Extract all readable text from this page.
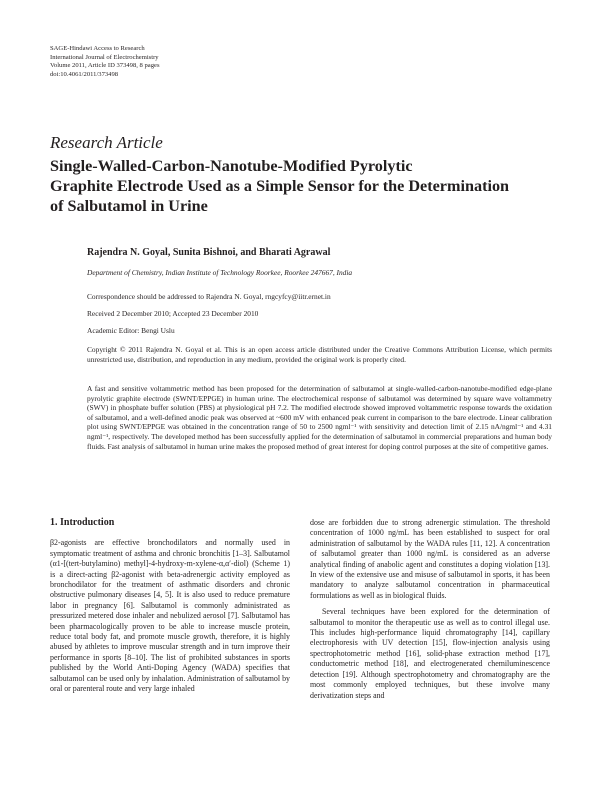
SAGE-Hindawi Access to Research
International Journal of Electrochemistry
Volume 2011, Article ID 373498, 8 pages
doi:10.4061/2011/373498
Research Article
Single-Walled-Carbon-Nanotube-Modified Pyrolytic
Graphite Electrode Used as a Simple Sensor for the Determination
of Salbutamol in Urine
Rajendra N. Goyal, Sunita Bishnoi, and Bharati Agrawal
Department of Chemistry, Indian Institute of Technology Roorkee, Roorkee 247667, India
Correspondence should be addressed to Rajendra N. Goyal, rngcyfcy@iitr.ernet.in
Received 2 December 2010; Accepted 23 December 2010
Academic Editor: Bengi Uslu
Copyright © 2011 Rajendra N. Goyal et al. This is an open access article distributed under the Creative Commons Attribution License, which permits unrestricted use, distribution, and reproduction in any medium, provided the original work is properly cited.
A fast and sensitive voltammetric method has been proposed for the determination of salbutamol at single-walled-carbon-nanotube-modified edge-plane pyrolytic graphite electrode (SWNT/EPPGE) in human urine. The electrochemical response of salbutamol was determined by square wave voltammetry (SWV) in phosphate buffer solution (PBS) at physiological pH 7.2. The modified electrode showed improved voltammetric response towards the oxidation of salbutamol, and a well-defined anodic peak was observed at ~600 mV with enhanced peak current in comparison to the bare electrode. Linear calibration plot using SWNT/EPPGE was obtained in the concentration range of 50 to 2500 ngml⁻¹ with sensitivity and detection limit of 2.15 nA/ngml⁻¹ and 4.31 ngml⁻¹, respectively. The developed method has been successfully applied for the determination of salbutamol in commercial preparations and human body fluids. Fast analysis of salbutamol in human urine makes the proposed method of great interest for doping control purposes at the site of competitive games.
1. Introduction

β2-agonists are effective bronchodilators and normally used in symptomatic treatment of asthma and chronic bronchitis [1–3]. Salbutamol (α1-[(tert-butylamino) methyl]-4-hydroxy-m-xylene-α,α′-diol) (Scheme 1) is a direct-acting β2-agonist with beta-adrenergic activity employed as bronchodilator for the treatment of asthmatic disorders and chronic obstructive pulmonary diseases [4, 5]. It is also used to reduce premature labor in pregnancy [6]. Salbutamol is commonly administrated as pressurized metered dose inhaler and nebulized aerosol [7]. Salbutamol has been pharmacologically proven to be able to increase muscle protein, reduce total body fat, and promote muscle growth, therefore, it is highly abused by athletes to improve muscular strength and in turn improve their performance in sports [8–10]. The list of prohibited substances in sports published by the World Anti-Doping Agency (WADA) specifies that salbutamol can be used only by inhalation. Administration of salbutamol by oral or parenteral route and very large inhaled

dose are forbidden due to strong adrenergic stimulation. The threshold concentration of 1000 ng/mL has been established to suspect for oral administration of salbutamol by the WADA rules [11, 12]. A concentration of salbutamol greater than 1000 ng/mL is considered as an adverse analytical finding of anabolic agent and constitutes a doping violation [13]. In view of the extensive use and misuse of salbutamol in sports, it has been mandatory to analyze salbutamol concentration in pharmaceutical formulations as well as in biological fluids.

Several techniques have been explored for the determination of salbutamol to monitor the therapeutic use as well as to control illegal use. This includes high-performance liquid chromatography [14], capillary electrophoresis with UV detection [15], flow-injection analysis using spectrophotometric method [16], solid-phase extraction method [17], conductometric method [18], and electrogenerated chemiluminescence detection [19]. Although spectrophotometry and chromatography are the most commonly employed techniques, but these involve many derivatization steps and
